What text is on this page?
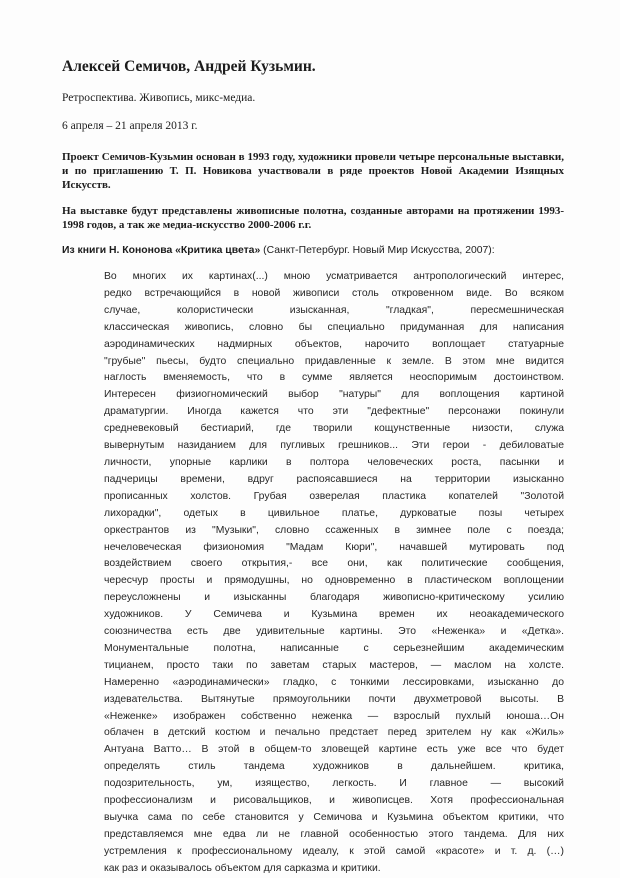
Алексей Семичов, Андрей Кузьмин.

Ретроспектива. Живопись, микс-медиа.

6 апреля – 21 апреля 2013 г.

Проект Семичов-Кузьмин основан в 1993 году, художники провели четыре персональные выставки, и по приглашению Т. П. Новикова участвовали в ряде проектов Новой Академии Изящных Искусств.

На выставке будут представлены живописные полотна, созданные авторами на протяжении 1993-1998 годов, а так же медиа-искусство 2000-2006 г.г.

Из книги Н. Кононова «Критика цвета» (Санкт-Петербург. Новый Мир Искусства, 2007):

Во многих их картинах(...) мною усматривается антропологический интерес,
редко встречающийся в новой живописи столь откровенном виде. Во всяком
случае, колористически изысканная, "гладкая", пересмешническая
классическая живопись, словно бы специально придуманная для написания
аэродинамических надмирных объектов, нарочито воплощает статуарные
"грубые" пьесы, будто специально придавленные к земле. В этом мне видится
наглость вменяемость, что в сумме является неоспоримым достоинством.
Интересен физиогномический выбор "натуры" для воплощения картиной
драматургии. Иногда кажется что эти "дефектные" персонажи покинули
средневековый бестиарий, где творили кощунственные низости, служа
вывернутым назиданием для пугливых грешников... Эти герои - дебиловатые
личности, упорные карлики в полтора человеческих роста, пасынки и
падчерицы времени, вдруг распоясавшиеся на территории изысканно
прописанных холстов. Грубая озверелая пластика копателей "Золотой
лихорадки", одетых в цивильное платье, дурковатые позы четырех
оркестрантов из "Музыки", словно ссаженных в зимнее поле с поезда;
нечеловеческая физиономия "Мадам Кюри", начавшей мутировать под
воздействием своего открытия,- все они, как политические сообщения,
чересчур просты и прямодушны, но одновременно в пластическом воплощении
переусложнены и изысканны благодаря живописно-критическому усилию
художников. У Семичева и Кузьмина времен их неоакадемического
союзничества есть две удивительные картины. Это «Неженка» и «Детка».
Монументальные полотна, написанные с серьезнейшим академическим
тицианем, просто таки по заветам старых мастеров, — маслом на холсте.
Намеренно «аэродинамически» гладко, с тонкими лессировками, изысканно до
издевательства. Вытянутые прямоугольники почти двухметровой высоты. В
«Неженке» изображен собственно неженка — взрослый пухлый юноша…Он
облачен в детский костюм и печально предстает перед зрителем ну как «Жиль»
Антуана Ватто… В этой в общем-то зловещей картине есть уже все что будет
определять стиль тандема художников в дальнейшем. критика,
подозрительность, ум, изящество, легкость. И главное — высокий
профессионализм и рисовальщиков, и живописцев. Хотя профессиональная
выучка сама по себе становится у Семичова и Кузьмина объектом критики, что
представляемся мне едва ли не главной особенностью этого тандема. Для них
устремления к профессиональному идеалу, к этой самой «красоте» и т. д. (…)
как раз и оказывалось объектом для сарказма и критики.
